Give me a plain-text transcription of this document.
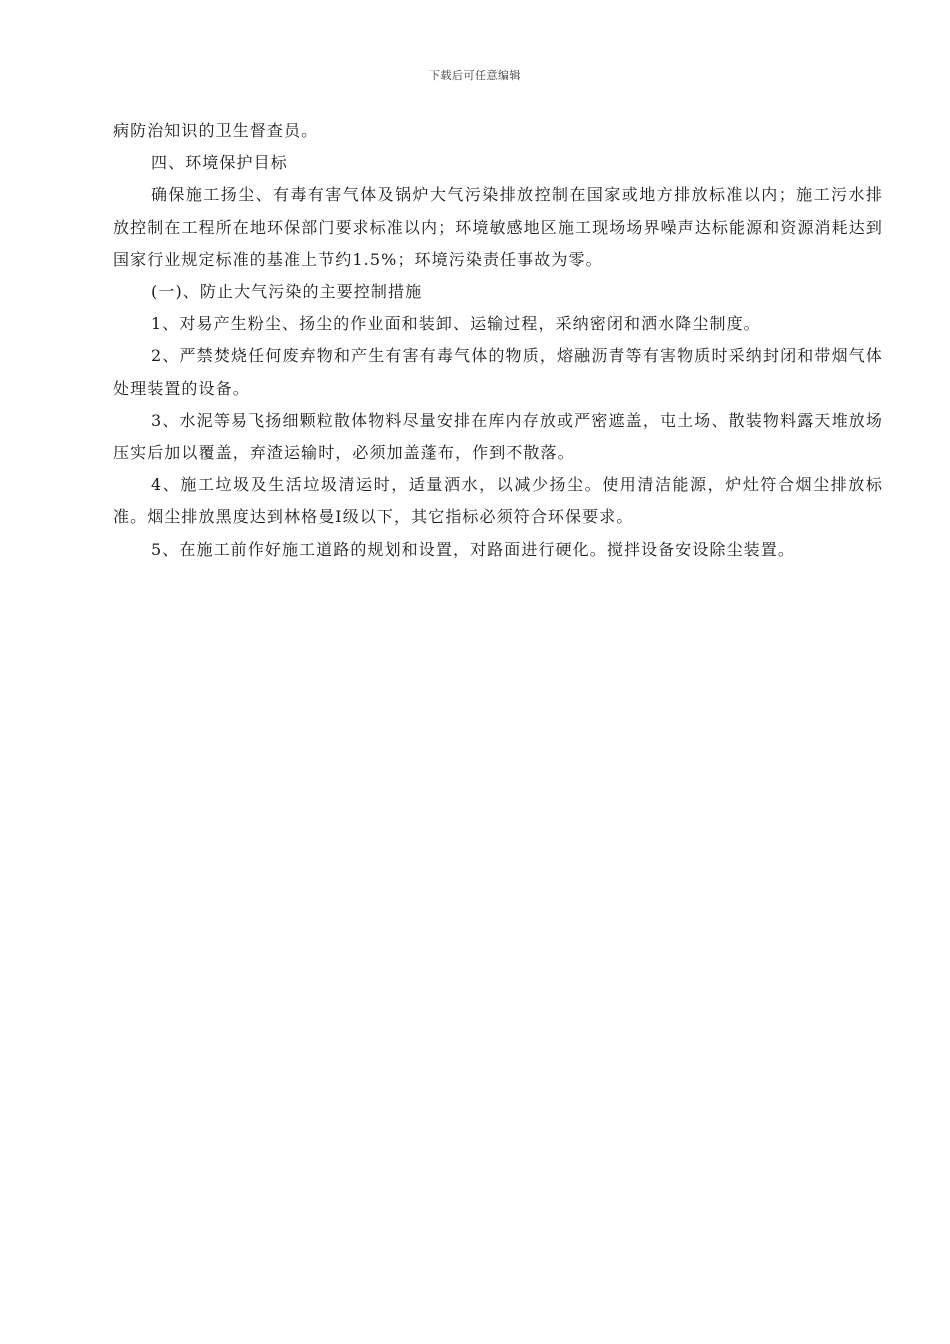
下载后可任意编辑

病防治知识的卫生督查员。

四、环境保护目标

确保施工扬尘、有毒有害气体及锅炉大气污染排放控制在国家或地方排放标准以内；施工污水排放控制在工程所在地环保部门要求标准以内；环境敏感地区施工现场场界噪声达标能源和资源消耗达到国家行业规定标准的基准上节约1.5%；环境污染责任事故为零。

(一)、防止大气污染的主要控制措施

1、对易产生粉尘、扬尘的作业面和装卸、运输过程，采纳密闭和洒水降尘制度。

2、严禁焚烧任何废弃物和产生有害有毒气体的物质，熔融沥青等有害物质时采纳封闭和带烟气体处理装置的设备。

3、水泥等易飞扬细颗粒散体物料尽量安排在库内存放或严密遮盖，屯土场、散装物料露天堆放场压实后加以覆盖，弃渣运输时，必须加盖蓬布，作到不散落。

4、施工垃圾及生活垃圾清运时，适量洒水，以减少扬尘。使用清洁能源，炉灶符合烟尘排放标准。烟尘排放黑度达到林格曼Ⅰ级以下，其它指标必须符合环保要求。

5、在施工前作好施工道路的规划和设置，对路面进行硬化。搅拌设备安设除尘装置。
